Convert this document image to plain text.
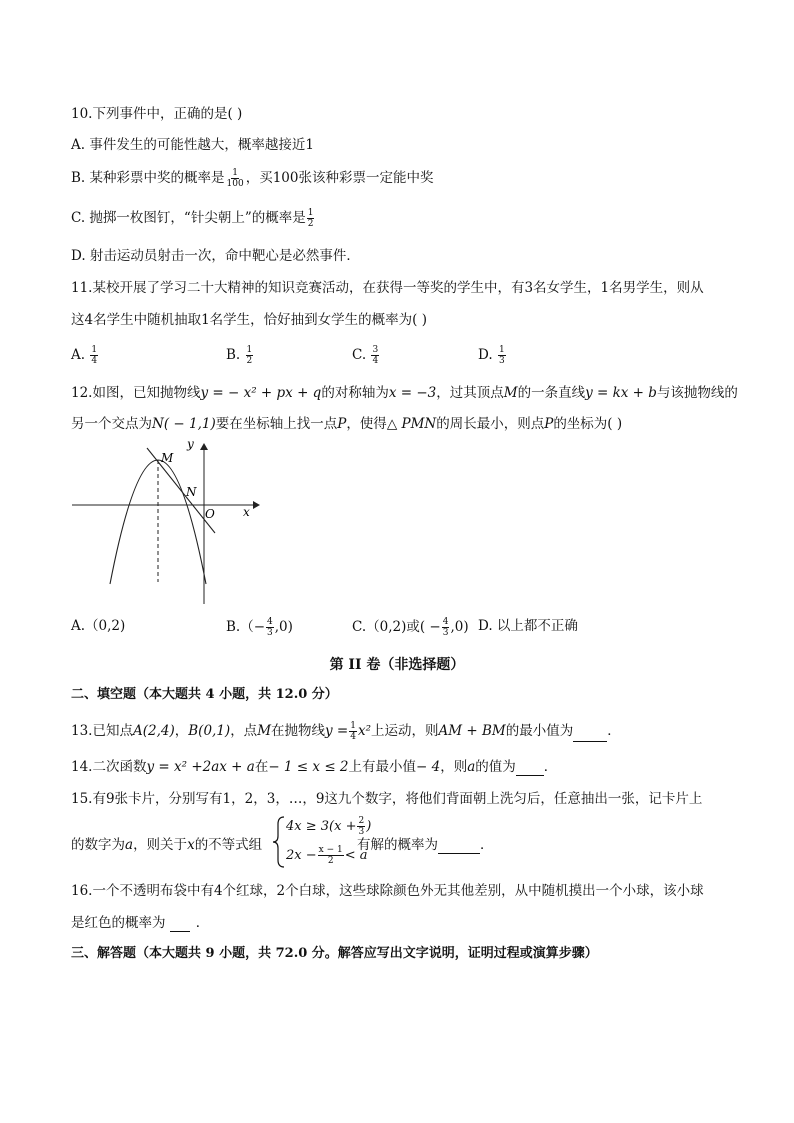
10.下列事件中，正确的是( )
A. 事件发生的可能性越大，概率越接近1
B. 某种彩票中奖的概率是 $\frac{1}{100}$ ，买100张该种彩票一定能中奖
C. 抛掷一枚图钉，“针尖朝上”的概率是 $\frac{1}{2}$
D. 射击运动员射击一次，命中靶心是必然事件．
11.某校开展了学习二十大精神的知识竞赛活动，在获得一等奖的学生中，有3名女学生，1名男学生，则从
这4名学生中随机抽取1名学生，恰好抽到女学生的概率为( )
A. $\frac{1}{4}$	B. $\frac{1}{2}$	C. $\frac{3}{4}$	D. $\frac{1}{3}$
12.如图，已知抛物线y = − x² + px + q的对称轴为x = −3，过其顶点M的一条直线y = kx + b与该抛物线的
另一个交点为N( − 1,1)要在坐标轴上找一点P，使得△ PMN的周长最小，则点P的坐标为( )
y
x
M
N
O
A.（0,2)	$B.(- \frac{4}{3} ,0)$	C.（0,2)或( − $\frac{4}{3} ,0$) D. 以上都不正确
第 II 卷（非选择题）
二、填空题（本大题共 4 小题，共 12.0 分）
13.已知点A(2,4)，B(0,1)，点M在抛物线$y = \frac{1}{4} x^2$上运动，则AM + BM的最小值为	．
14.二次函数y = x² +2ax + a在− 1 ≤ x ≤ 2上有最小值− 4，则a的值为 ．
15.有9张卡片，分别写有1，2，3，…，9这九个数字，将他们背面朝上洗匀后，任意抽出一张，记卡片上
的数字为a，则关于x的不等式组
$4x \ge 3(x + \frac{2}{3}$ )
$2x - \frac{x - 1}{2} < a$
有解的概率为	．
16.一个不透明布袋中有4个红球，2个白球，这些球除颜色外无其他差别，从中随机摸出一个小球，该小球
是红色的概率为 ．
三、解答题（本大题共 9 小题，共 72.0 分。解答应写出文字说明，证明过程或演算步骤）
